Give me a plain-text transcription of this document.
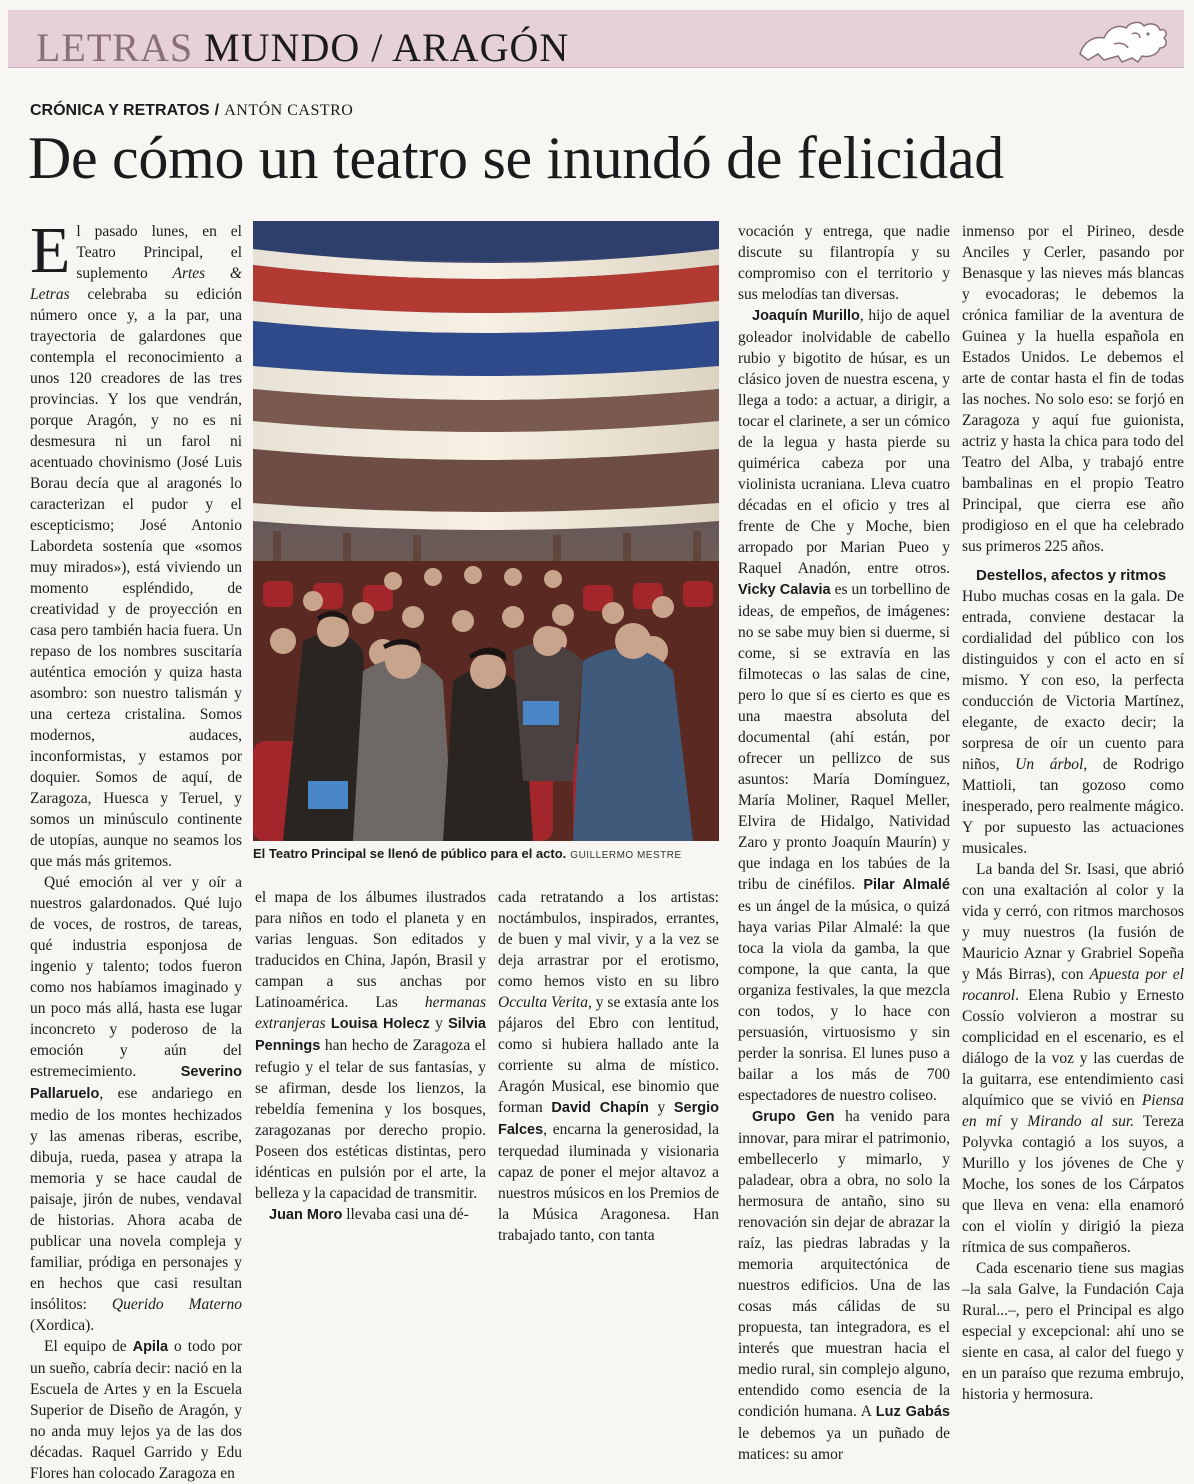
LETRAS MUNDO / ARAGÓN
CRÓNICA Y RETRATOS / ANTÓN CASTRO
De cómo un teatro se inundó de felicidad

El pasado lunes, en el Teatro Principal, el suplemento Artes & Letras celebraba su edición número once y, a la par, una trayectoria de galardones que contempla el reconocimiento a unos 120 creadores de las tres provincias. Y los que vendrán, porque Aragón, y no es ni desmesura ni un farol ni acentuado chovinismo (José Luis Borau decía que al aragonés lo caracterizan el pudor y el escepticismo; José Antonio Labordeta sostenía que «somos muy mirados»), está viviendo un momento espléndido, de creatividad y de proyección en casa pero también hacia fuera. Un repaso de los nombres suscitaría auténtica emoción y quiza hasta asombro: son nuestro talismán y una certeza cristalina. Somos modernos, audaces, inconformistas, y estamos por doquier. Somos de aquí, de Zaragoza, Huesca y Teruel, y somos un minúsculo continente de utopías, aunque no seamos los que más más gritemos.

Qué emoción al ver y oír a nuestros galardonados. Qué lujo de voces, de rostros, de tareas, qué industria esponjosa de ingenio y talento; todos fueron como nos habíamos imaginado y un poco más allá, hasta ese lugar inconcreto y poderoso de la emoción y aún del estremecimiento. Severino Pallaruelo, ese andariego en medio de los montes hechizados y las amenas riberas, escribe, dibuja, rueda, pasea y atrapa la memoria y se hace caudal de paisaje, jirón de nubes, vendaval de historias. Ahora acaba de publicar una novela compleja y familiar, pródiga en personajes y en hechos que casi resultan insólitos: Querido Materno (Xordica).

El equipo de Apila o todo por un sueño, cabría decir: nació en la Escuela de Artes y en la Escuela Superior de Diseño de Aragón, y no anda muy lejos ya de las dos décadas. Raquel Garrido y Edu Flores han colocado Zaragoza en

El Teatro Principal se llenó de público para el acto. GUILLERMO MESTRE

el mapa de los álbumes ilustrados para niños en todo el planeta y en varias lenguas. Son editados y traducidos en China, Japón, Brasil y campan a sus anchas por Latinoamérica. Las hermanas extranjeras Louisa Holecz y Silvia Pennings han hecho de Zaragoza el refugio y el telar de sus fantasías, y se afirman, desde los lienzos, la rebeldía femenina y los bosques, zaragozanas por derecho propio. Poseen dos estéticas distintas, pero idénticas en pulsión por el arte, la belleza y la capacidad de transmitir.

Juan Moro llevaba casi una dé-

cada retratando a los artistas: noctámbulos, inspirados, errantes, de buen y mal vivir, y a la vez se deja arrastrar por el erotismo, como hemos visto en su libro Occulta Verita, y se extasía ante los pájaros del Ebro con lentitud, como si hubiera hallado ante la corriente su alma de místico. Aragón Musical, ese binomio que forman David Chapín y Sergio Falces, encarna la generosidad, la terquedad iluminada y visionaria capaz de poner el mejor altavoz a nuestros músicos en los Premios de la Música Aragonesa. Han trabajado tanto, con tanta

vocación y entrega, que nadie discute su filantropía y su compromiso con el territorio y sus melodías tan diversas.

Joaquín Murillo, hijo de aquel goleador inolvidable de cabello rubio y bigotito de húsar, es un clásico joven de nuestra escena, y llega a todo: a actuar, a dirigir, a tocar el clarinete, a ser un cómico de la legua y hasta pierde su quimérica cabeza por una violinista ucraniana. Lleva cuatro décadas en el oficio y tres al frente de Che y Moche, bien arropado por Marian Pueo y Raquel Anadón, entre otros. Vicky Calavia es un torbellino de ideas, de empeños, de imágenes: no se sabe muy bien si duerme, si come, si se extravía en las filmotecas o las salas de cine, pero lo que sí es cierto es que es una maestra absoluta del documental (ahí están, por ofrecer un pellizco de sus asuntos: María Domínguez, María Moliner, Raquel Meller, Elvira de Hidalgo, Natividad Zaro y pronto Joaquín Maurín) y que indaga en los tabúes de la tribu de cinéfilos. Pilar Almalé es un ángel de la música, o quizá haya varias Pilar Almalé: la que toca la viola da gamba, la que compone, la que canta, la que organiza festivales, la que mezcla con todos, y lo hace con persuasión, virtuosismo y sin perder la sonrisa. El lunes puso a bailar a los más de 700 espectadores de nuestro coliseo.

Grupo Gen ha venido para innovar, para mirar el patrimonio, embellecerlo y mimarlo, y paladear, obra a obra, no solo la hermosura de antaño, sino su renovación sin dejar de abrazar la raíz, las piedras labradas y la memoria arquitectónica de nuestros edificios. Una de las cosas más cálidas de su propuesta, tan integradora, es el interés que muestran hacia el medio rural, sin complejo alguno, entendido como esencia de la condición humana. A Luz Gabás le debemos ya un puñado de matices: su amor

inmenso por el Pirineo, desde Anciles y Cerler, pasando por Benasque y las nieves más blancas y evocadoras; le debemos la crónica familiar de la aventura de Guinea y la huella española en Estados Unidos. Le debemos el arte de contar hasta el fin de todas las noches. No solo eso: se forjó en Zaragoza y aquí fue guionista, actriz y hasta la chica para todo del Teatro del Alba, y trabajó entre bambalinas en el propio Teatro Principal, que cierra ese año prodigioso en el que ha celebrado sus primeros 225 años.

Destellos, afectos y ritmos

Hubo muchas cosas en la gala. De entrada, conviene destacar la cordialidad del público con los distinguidos y con el acto en sí mismo. Y con eso, la perfecta conducción de Victoria Martínez, elegante, de exacto decir; la sorpresa de oír un cuento para niños, Un árbol, de Rodrigo Mattioli, tan gozoso como inesperado, pero realmente mágico. Y por supuesto las actuaciones musicales.

La banda del Sr. Isasi, que abrió con una exaltación al color y la vida y cerró, con ritmos marchosos y muy nuestros (la fusión de Mauricio Aznar y Grabriel Sopeña y Más Birras), con Apuesta por el rocanrol. Elena Rubio y Ernesto Cossío volvieron a mostrar su complicidad en el escenario, es el diálogo de la voz y las cuerdas de la guitarra, ese entendimiento casi alquímico que se vivió en Piensa en mí y Mirando al sur. Tereza Polyvka contagió a los suyos, a Murillo y los jóvenes de Che y Moche, los sones de los Cárpatos que lleva en vena: ella enamoró con el violín y dirigió la pieza rítmica de sus compañeros.

Cada escenario tiene sus magias –la sala Galve, la Fundación Caja Rural...–, pero el Principal es algo especial y excepcional: ahí uno se siente en casa, al calor del fuego y en un paraíso que rezuma embrujo, historia y hermosura.
